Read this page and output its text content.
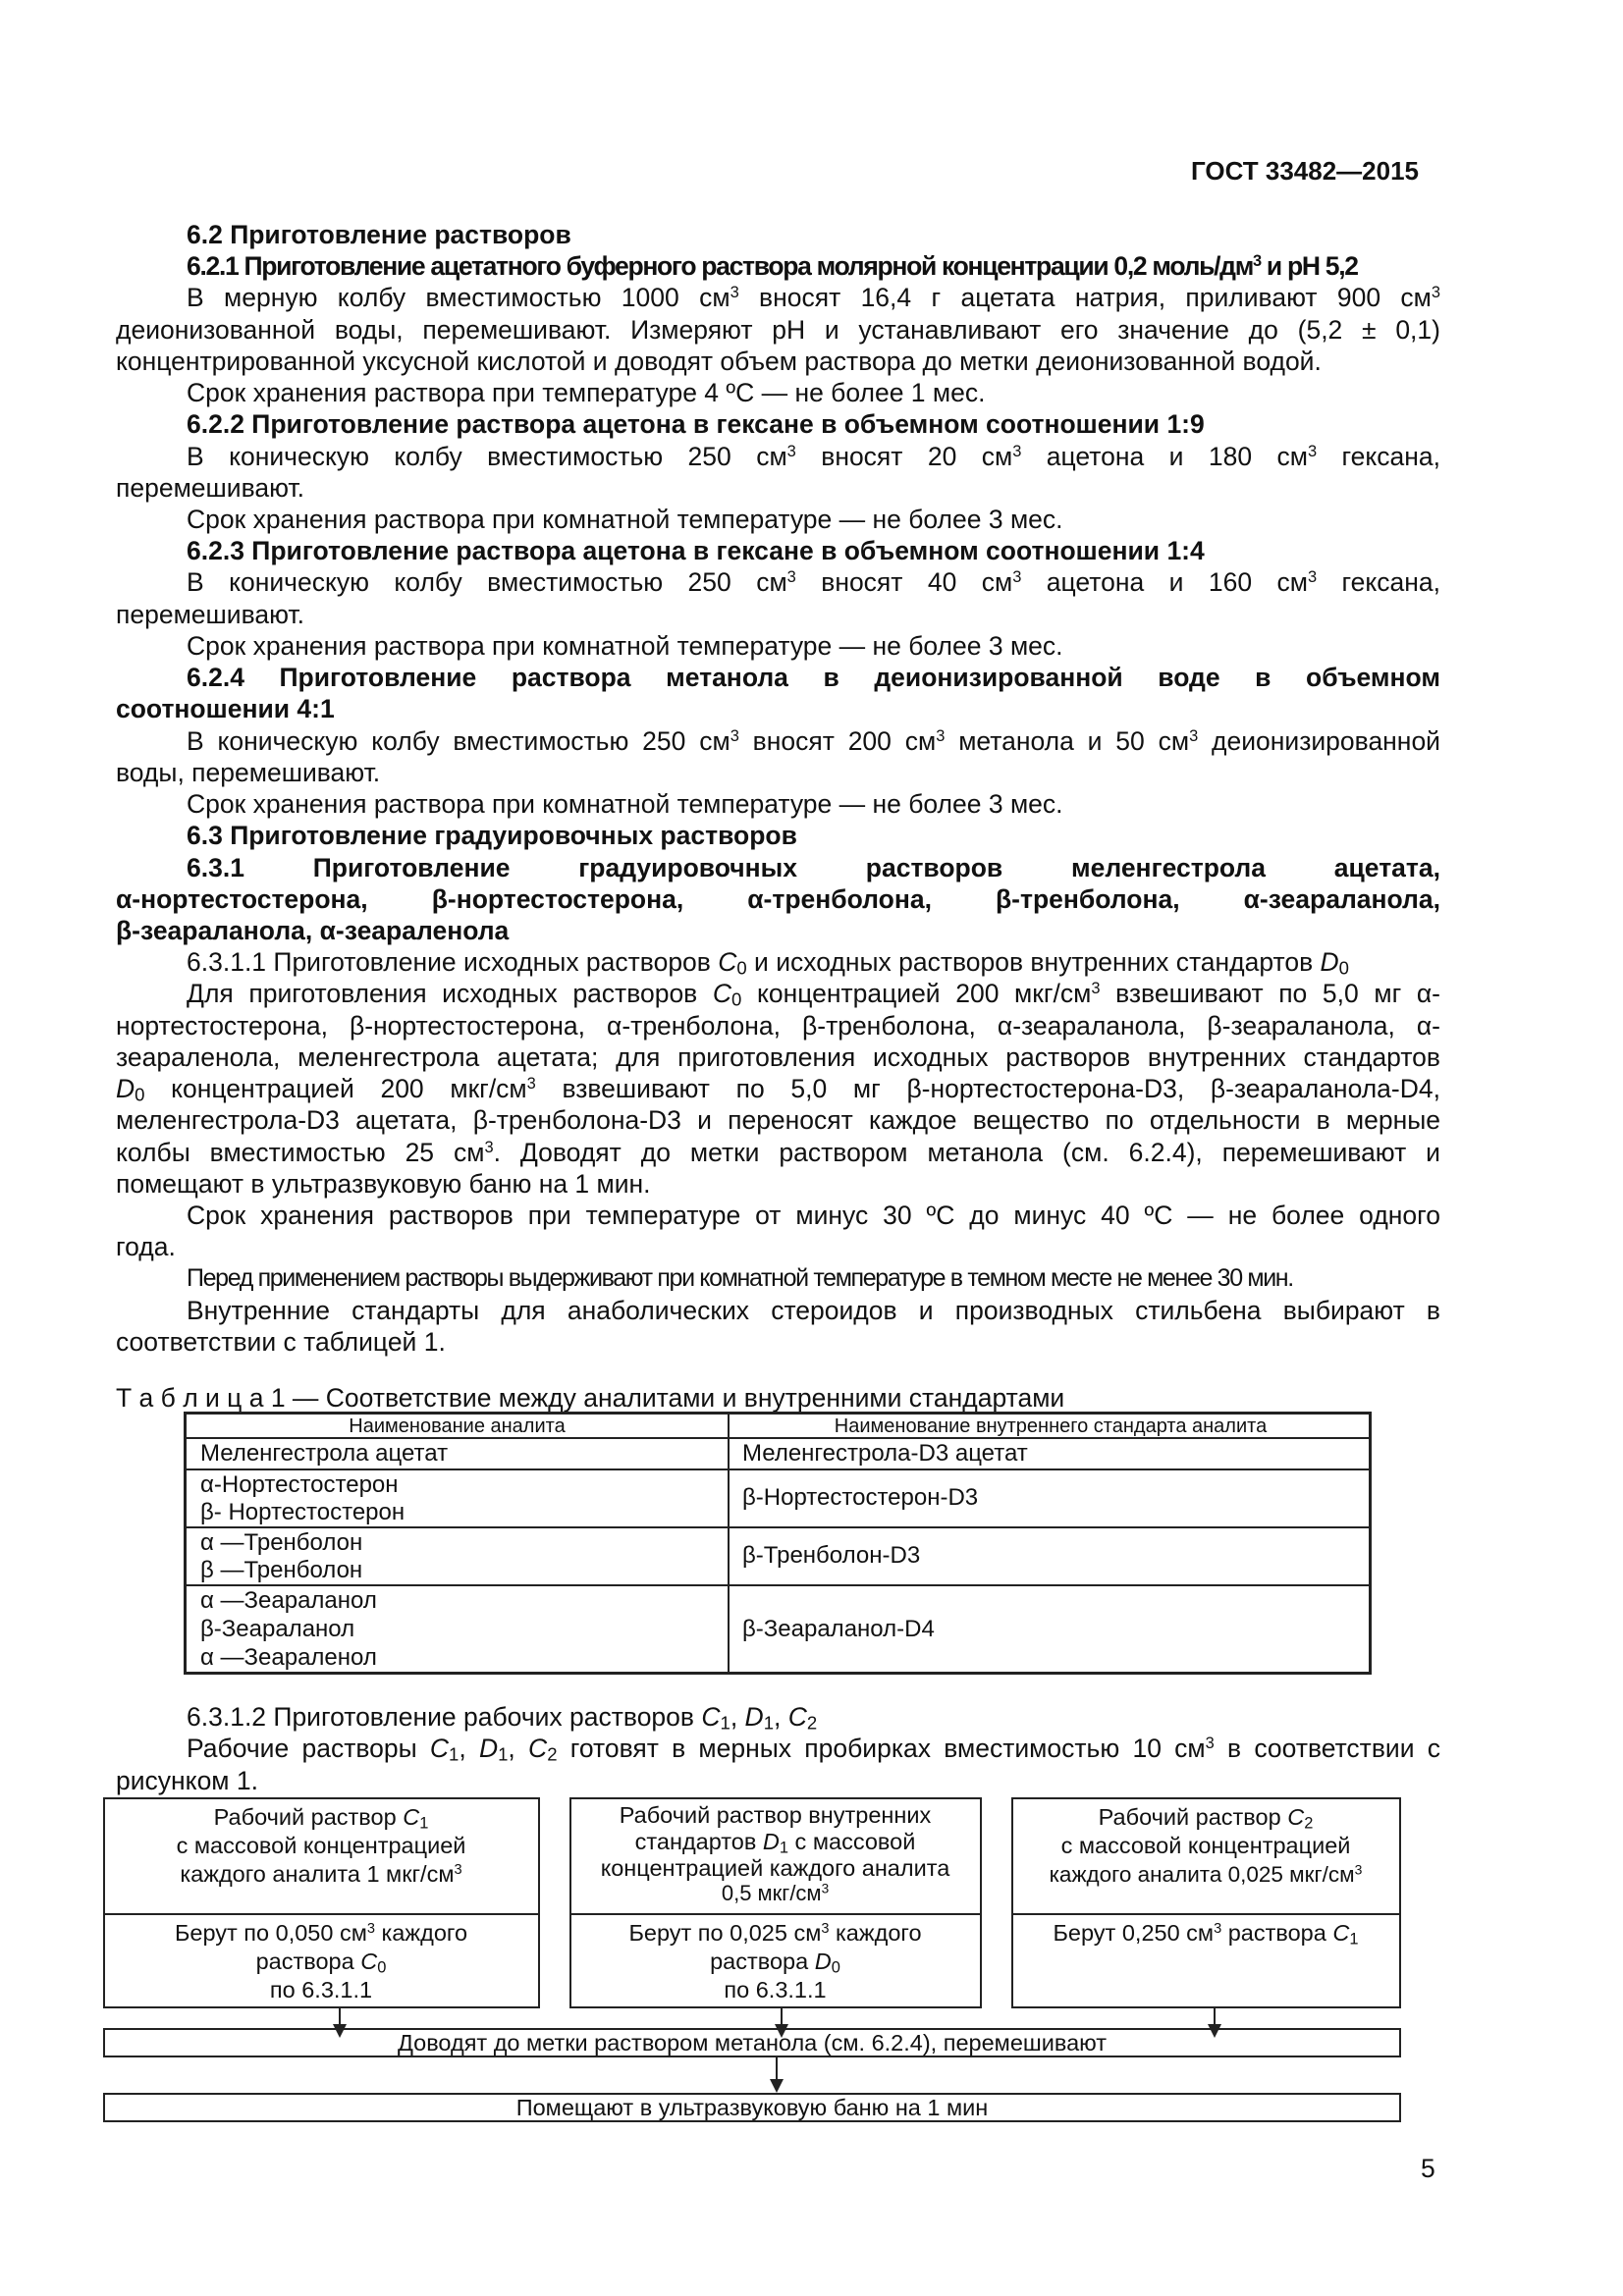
ГОСТ 33482—2015
6.2 Приготовление растворов
6.2.1 Приготовление ацетатного буферного раствора молярной концентрации 0,2 моль/$дм^3$ и pH 5,2
В мерную колбу вместимостью 1000 $см^3$ вносят 16,4 г ацетата натрия, приливают 900 $см^3$
деионизованной воды, перемешивают. Измеряют pH и устанавливают его значение до (5,2 ± 0,1)
концентрированной уксусной кислотой и доводят объем раствора до метки деионизованной водой.
Срок хранения раствора при температуре 4 ºС — не более 1 мес.
6.2.2 Приготовление раствора ацетона в гексане в объемном соотношении 1:9
В коническую колбу вместимостью 250 $см^3$ вносят 20 $см^3$ ацетона и 180 $см^3$ гексана,
перемешивают.
Срок хранения раствора при комнатной температуре — не более 3 мес.
6.2.3 Приготовление раствора ацетона в гексане в объемном соотношении 1:4
В коническую колбу вместимостью 250 $см^3$ вносят 40 $см^3$ ацетона и 160 $см^3$ гексана,
перемешивают.
Срок хранения раствора при комнатной температуре — не более 3 мес.
6.2.4 Приготовление раствора метанола в деионизированной воде в объемном
соотношении 4:1
В коническую колбу вместимостью 250 $см^3$ вносят 200 $см^3$ метанола и 50 $см^3$ деионизированной
воды, перемешивают.
Срок хранения раствора при комнатной температуре — не более 3 мес.
6.3 Приготовление градуировочных растворов
6.3.1 Приготовление градуировочных растворов меленгестрола ацетата,
α-нортестостерона, β-нортестостерона, α-тренболона, β-тренболона, α-зеараланола,
β-зеараланола, α-зеараленола
6.3.1.1 Приготовление исходных растворов $C_0$ и исходных растворов внутренних стандартов $D_0$
Для приготовления исходных растворов $C_0$ концентрацией 200 мкг/$см^3$ взвешивают по 5,0 мг α-
нортестостерона, β-нортестостерона, α-тренболона, β-тренболона, α-зеараланола, β-зеараланола, α-
зеараленола, меленгестрола ацетата; для приготовления исходных растворов внутренних стандартов
$D_0$ концентрацией 200 мкг/$см^3$ взвешивают по 5,0 мг β-нортестостерона-D3, β-зеараланола-D4,
меленгестрола-D3 ацетата, β-тренболона-D3 и переносят каждое вещество по отдельности в мерные
колбы вместимостью 25 $см^3$. Доводят до метки раствором метанола (см. 6.2.4), перемешивают и
помещают в ультразвуковую баню на 1 мин.
Срок хранения растворов при температуре от минус 30 ºС до минус 40 ºС — не более одного
года.
Перед применением растворы выдерживают при комнатной температуре в темном месте не менее 30 мин.
Внутренние стандарты для анаболических стероидов и производных стильбена выбирают в
соответствии с таблицей 1.
Т а б л и ц а 1 — Соответствие между аналитами и внутренними стандартами
Наименование аналита	Наименование внутреннего стандарта аналита
Меленгестрола ацетат	Меленгестрола-D3 ацетат
α-Нортестостерон
β- Нортестостерон
β-Нортестостерон-D3
α —Тренболон
β —Тренболон
β-Тренболон-D3
α —Зеараланол
β-Зеараланол
α —Зеараленол
β-Зеараланол-D4
6.3.1.2 Приготовление рабочих растворов $C_1$, $D_1$, $C_2$
Рабочие растворы $C_1$, $D_1$, $C_2$ готовят в мерных пробирках вместимостью 10 $см^3$ в соответствии с
рисунком 1.
Рабочий раствор $C_1$
с массовой концентрацией
каждого аналита 1 мкг/$см^3$
Берут по 0,050 $см^3$ каждого
раствора $C_0$
по 6.3.1.1
Рабочий раствор внутренних
стандартов $D_1$ с массовой
концентрацией каждого аналита
0,5 мкг/$см^3$
Берут по 0,025 $см^3$ каждого
раствора $D_0$
по 6.3.1.1
Рабочий раствор $C_2$
с массовой концентрацией
каждого аналита 0,025 мкг/$см^3$
Берут 0,250 $см^3$ раствора $C_1$
Доводят до метки раствором метанола (см. 6.2.4), перемешивают
Помещают в ультразвуковую баню на 1 мин
5
